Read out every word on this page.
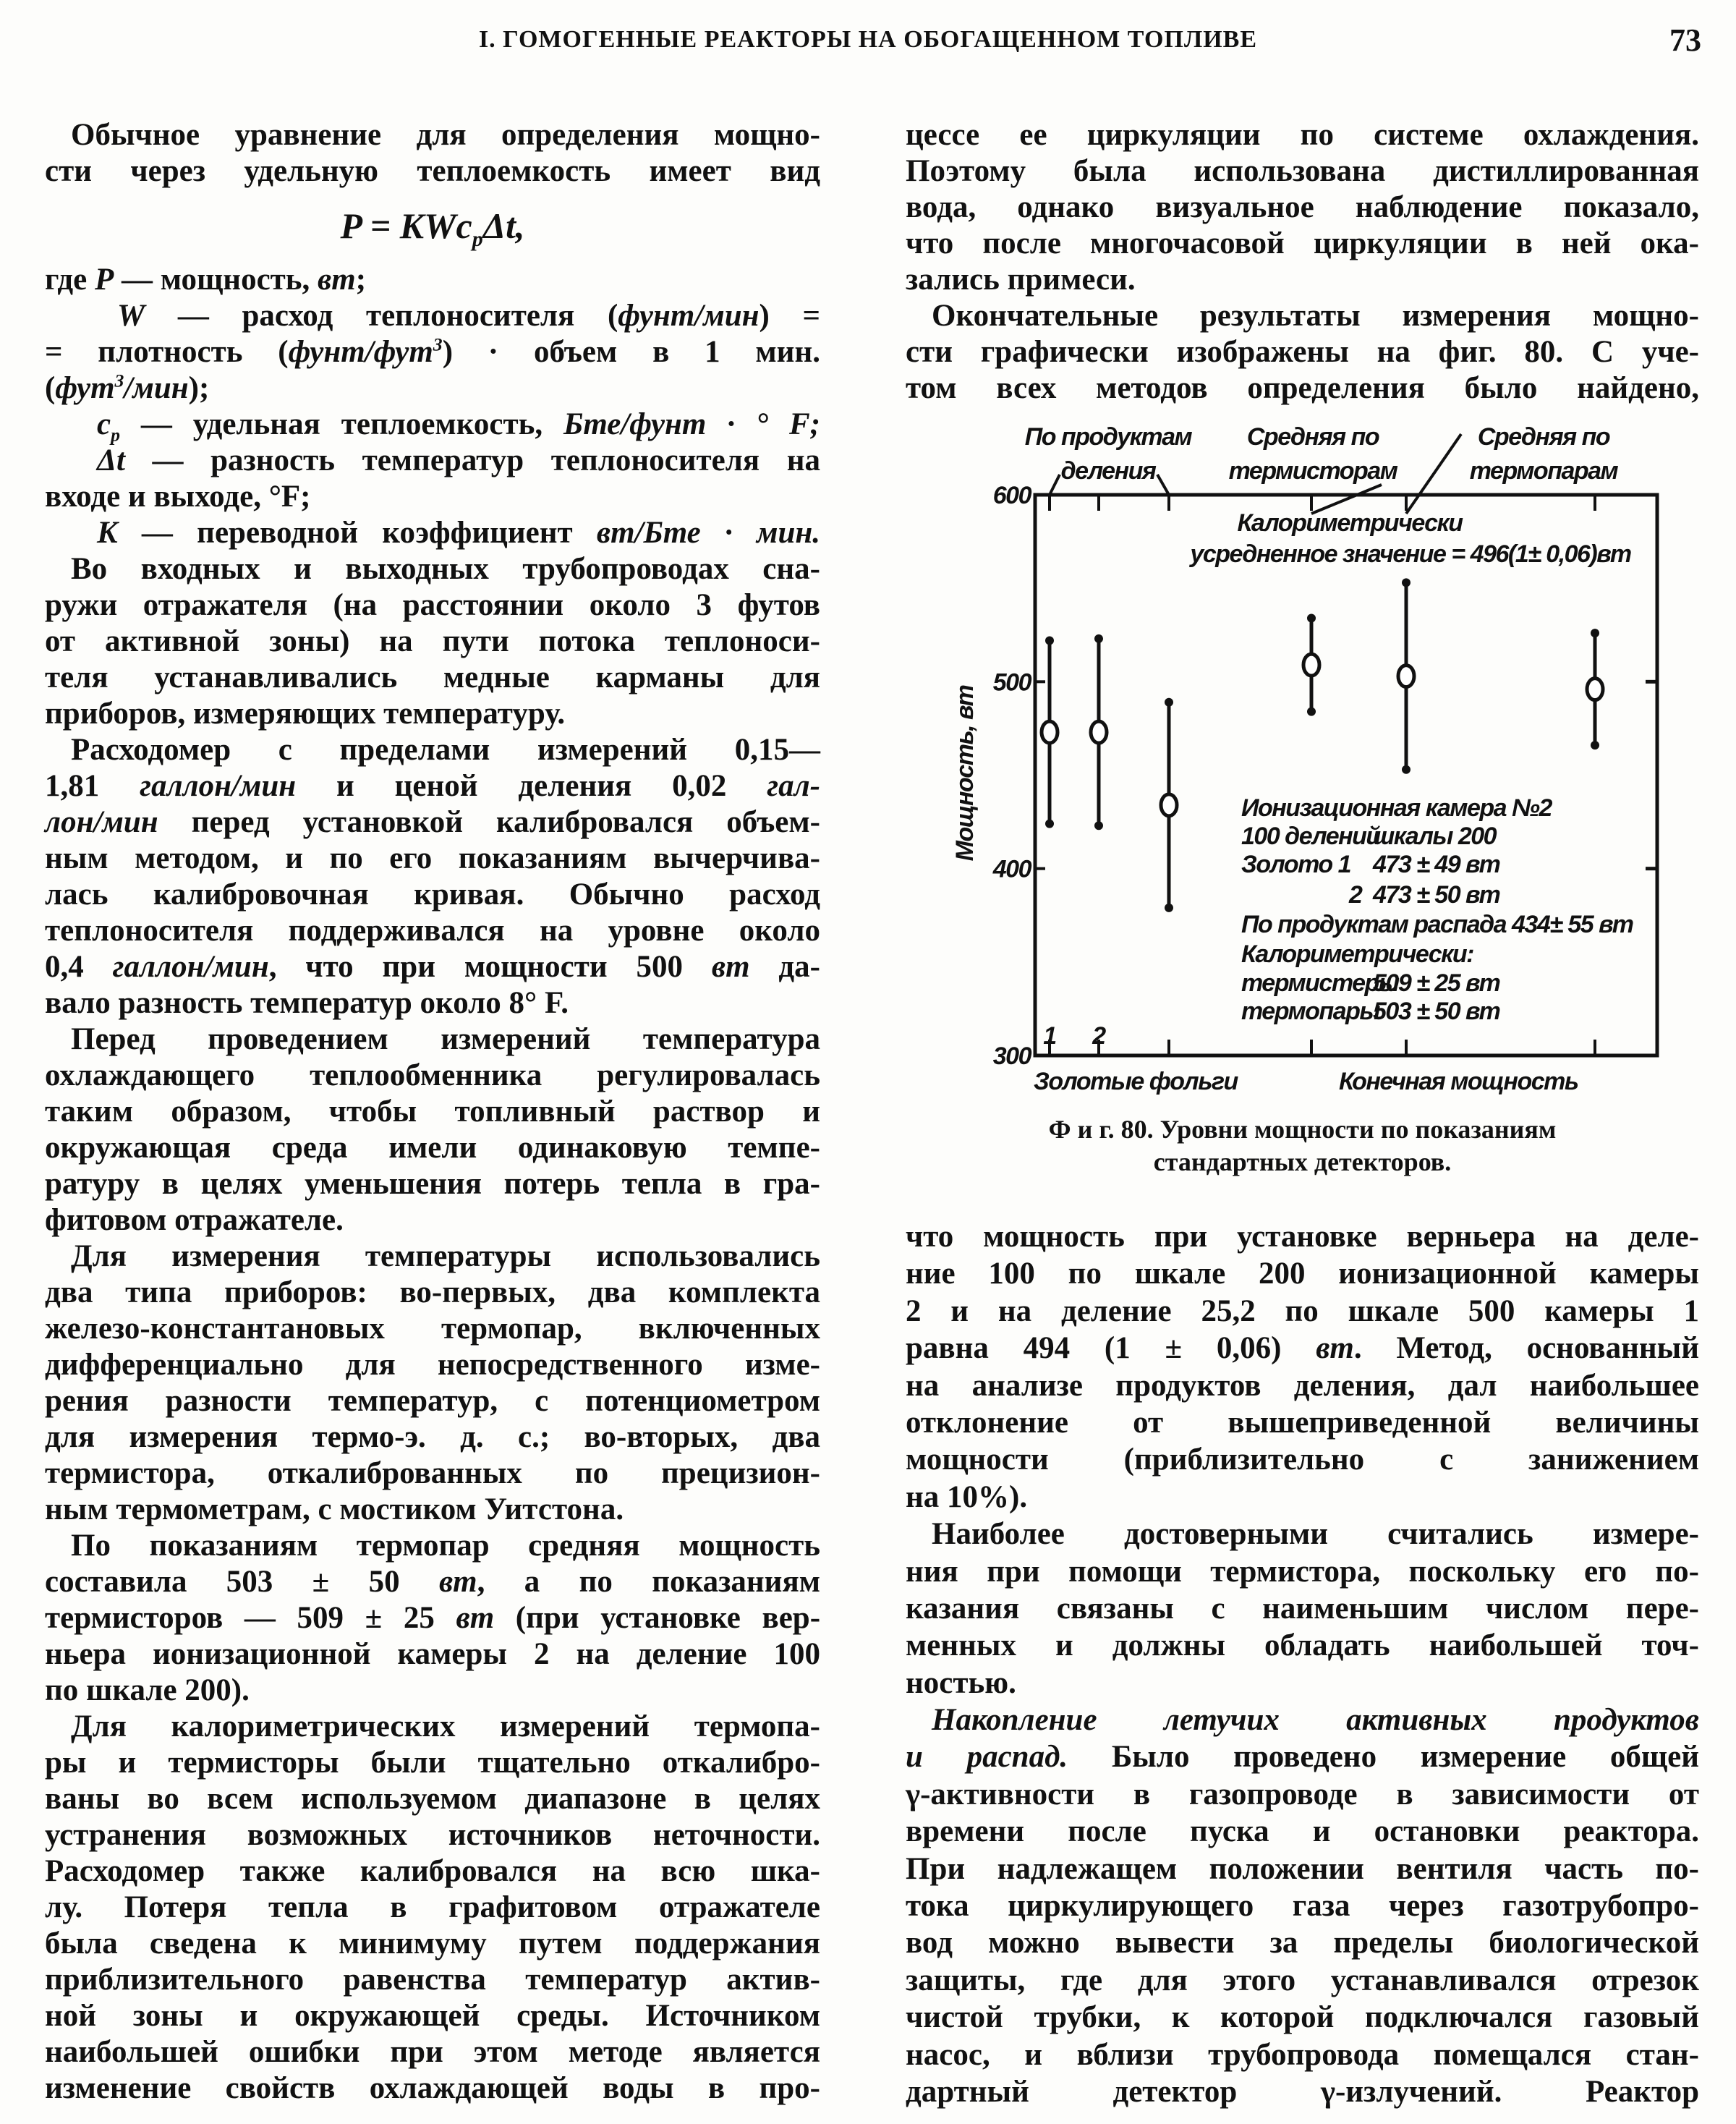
I. ГОМОГЕННЫЕ РЕАКТОРЫ НА ОБОГАЩЕННОМ ТОПЛИВЕ	73
Обычное уравнение для определения мощно-
сти через удельную теплоемкость имеет вид
P = KWc$_p$Δt,
где P — мощность, вт;
W — расход теплоносителя (фунт/мин) =
= плотность (фунт/фут$^3$) · объем в 1 мин.
(фут$^3$/мин);
$c_p$ — удельная теплоемкость, Бте/фунт · ° F;
Δt — разность температур теплоносителя на
входе и выходе, °F;
K — переводной коэффициент вт/Бте · мин.
Во входных и выходных трубопроводах сна-
ружи отражателя (на расстоянии около 3 футов
от активной зоны) на пути потока теплоноси-
теля устанавливались медные карманы для
приборов, измеряющих температуру.
Расходомер с пределами измерений 0,15—
1,81 галлон/мин и ценой деления 0,02 гал-
лон/мин перед установкой калибровался объем-
ным методом, и по его показаниям вычерчива-
лась калибровочная кривая. Обычно расход
теплоносителя поддерживался на уровне около
0,4 галлон/мин, что при мощности 500 вт да-
вало разность температур около 8° F.
Перед проведением измерений температура
охлаждающего теплообменника регулировалась
таким образом, чтобы топливный раствор и
окружающая среда имели одинаковую темпе-
ратуру в целях уменьшения потерь тепла в гра-
фитовом отражателе.
Для измерения температуры использовались
два типа приборов: во-первых, два комплекта
железо-константановых термопар, включенных
дифференциально для непосредственного изме-
рения разности температур, с потенциометром
для измерения термо-э. д. с.; во-вторых, два
термистора, откалиброванных по прецизион-
ным термометрам, с мостиком Уитстона.
По показаниям термопар средняя мощность
составила 503 ± 50 вт, а по показаниям
термисторов — 509 ± 25 вт (при установке вер-
ньера ионизационной камеры 2 на деление 100
по шкале 200).
Для калориметрических измерений термопа-
ры и термисторы были тщательно откалибро-
ваны во всем используемом диапазоне в целях
устранения возможных источников неточности.
Расходомер также калибровался на всю шка-
лу. Потеря тепла в графитовом отражателе
была сведена к минимуму путем поддержания
приблизительного равенства температур актив-
ной зоны и окружающей среды. Источником
наибольшей ошибки при этом методе является
изменение свойств охлаждающей воды в про-
цессе ее циркуляции по системе охлаждения.
Поэтому была использована дистиллированная
вода, однако визуальное наблюдение показало,
что после многочасовой циркуляции в ней ока-
зались примеси.
Окончательные результаты измерения мощно-
сти графически изображены на фиг. 80. С уче-
том всех методов определения было найдено,
что мощность при установке верньера на деле-
ние 100 по шкале 200 ионизационной камеры
2 и на деление 25,2 по шкале 500 камеры 1
равна 494 (1 ± 0,06) вт. Метод, основанный
на анализе продуктов деления, дал наибольшее
отклонение от вышеприведенной величины
мощности (приблизительно с занижением
на 10%).
Наиболее достоверными считались измере-
ния при помощи термистора, поскольку его по-
казания связаны с наименьшим числом пере-
менных и должны обладать наибольшей точ-
ностью.
Накопление летучих активных продуктов
и распад. Было проведено измерение общей
γ-активности в газопроводе в зависимости от
времени после пуска и остановки реактора.
При надлежащем положении вентиля часть по-
тока циркулирующего газа через газотрубопро-
вод можно вывести за пределы биологической
защиты, где для этого устанавливался отрезок
чистой трубки, к которой подключался газовый
насос, и вблизи трубопровода помещался стан-
дартный детектор γ-излучений. Реактор
300
400
500
600
1 2
Мощность, вт
По продуктам
деления
Средняя по
термисторам
Средняя по
термопарам
Калориметрически
усредненное значение = 496(1± 0,06)вт
Золотые фольги	Конечная мощность
Ионизационная камера №2
100 делений
шкалы 200
Золото 1 473 ± 49 вт
2 473 ± 50 вт
По продуктам распада 434± 55 вт
Калориметрически:
термистеры
509 ± 25 вт
термопары
503 ± 50 вт
Ф и г. 80. Уровни мощности по показаниям
стандартных детекторов.
